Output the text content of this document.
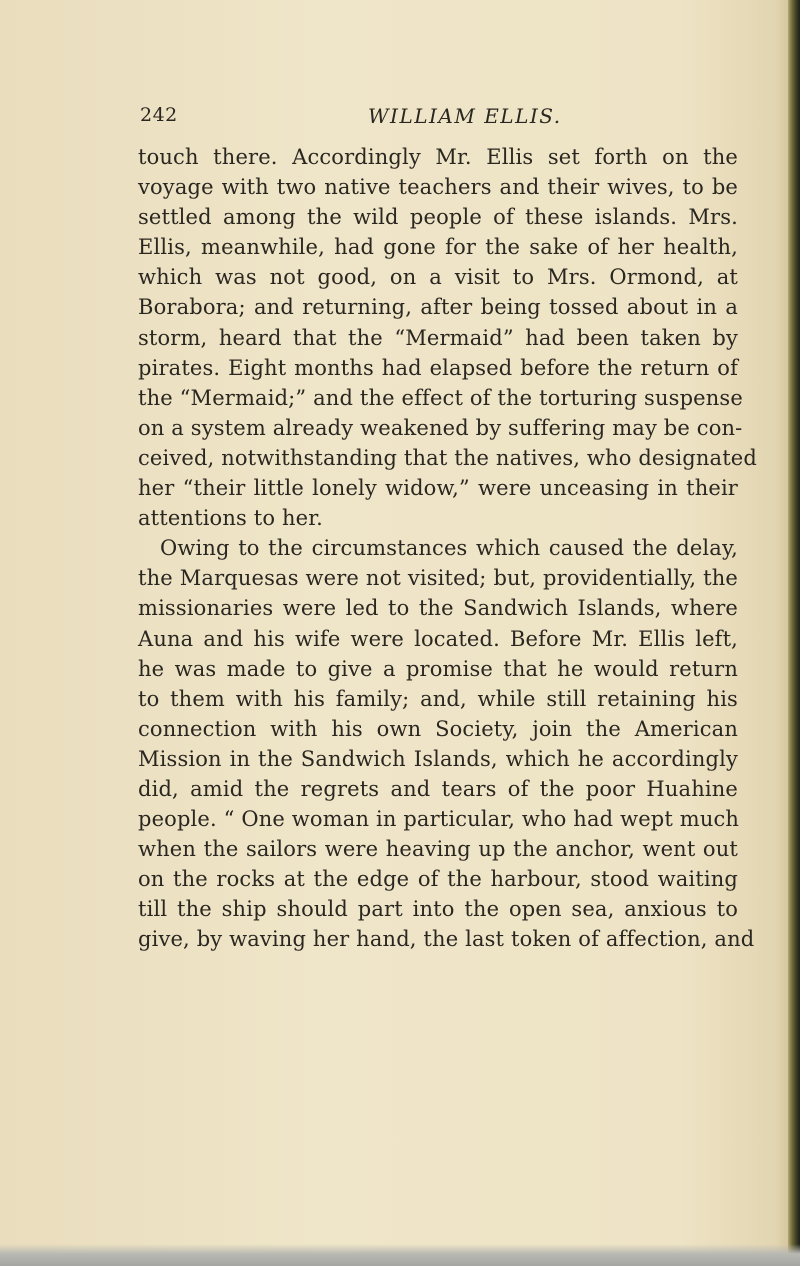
242	WILLIAM ELLIS.
touch there. Accordingly Mr. Ellis set forth on the
voyage with two native teachers and their wives, to be
settled among the wild people of these islands. Mrs.
Ellis, meanwhile, had gone for the sake of her health,
which was not good, on a visit to Mrs. Ormond, at
Borabora; and returning, after being tossed about in a
storm, heard that the “Mermaid” had been taken by
pirates. Eight months had elapsed before the return of
the “Mermaid;” and the effect of the torturing suspense
on a system already weakened by suffering may be con-
ceived, notwithstanding that the natives, who designated
her “their little lonely widow,” were unceasing in their
attentions to her.
Owing to the circumstances which caused the delay,
the Marquesas were not visited; but, providentially, the
missionaries were led to the Sandwich Islands, where
Auna and his wife were located. Before Mr. Ellis left,
he was made to give a promise that he would return
to them with his family; and, while still retaining his
connection with his own Society, join the American
Mission in the Sandwich Islands, which he accordingly
did, amid the regrets and tears of the poor Huahine
people. “ One woman in particular, who had wept much
when the sailors were heaving up the anchor, went out
on the rocks at the edge of the harbour, stood waiting
till the ship should part into the open sea, anxious to
give, by waving her hand, the last token of affection, and
